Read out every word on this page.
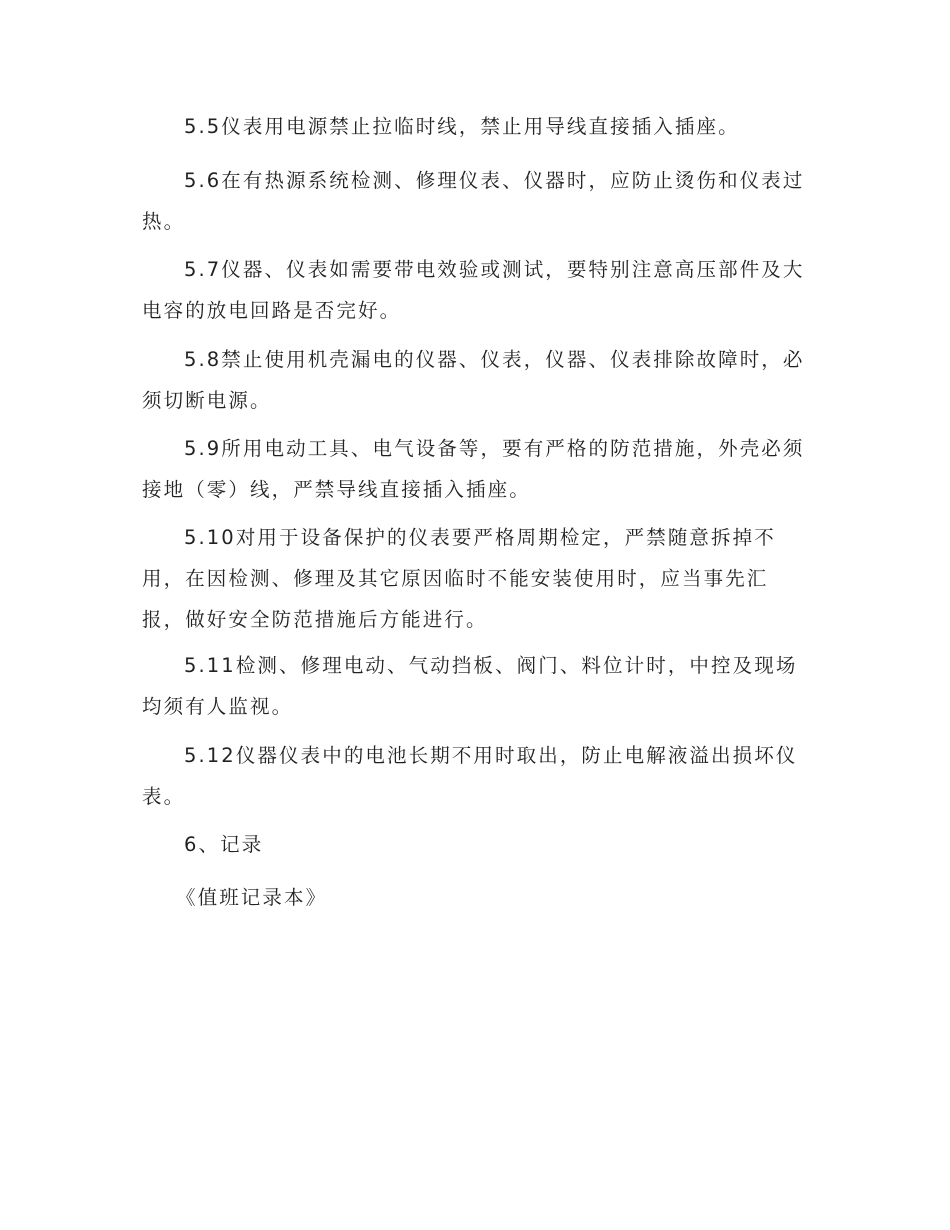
5.5仪表用电源禁止拉临时线，禁止用导线直接插入插座。

5.6在有热源系统检测、修理仪表、仪器时，应防止烫伤和仪表过热。

5.7仪器、仪表如需要带电效验或测试，要特别注意高压部件及大电容的放电回路是否完好。

5.8禁止使用机壳漏电的仪器、仪表，仪器、仪表排除故障时，必须切断电源。

5.9所用电动工具、电气设备等，要有严格的防范措施，外壳必须接地（零）线，严禁导线直接插入插座。

5.10对用于设备保护的仪表要严格周期检定，严禁随意拆掉不
用，在因检测、修理及其它原因临时不能安装使用时，应当事先汇
报，做好安全防范措施后方能进行。

5.11检测、修理电动、气动挡板、阀门、料位计时，中控及现场均须有人监视。

5.12仪器仪表中的电池长期不用时取出，防止电解液溢出损坏仪表。

6、记录

《值班记录本》
